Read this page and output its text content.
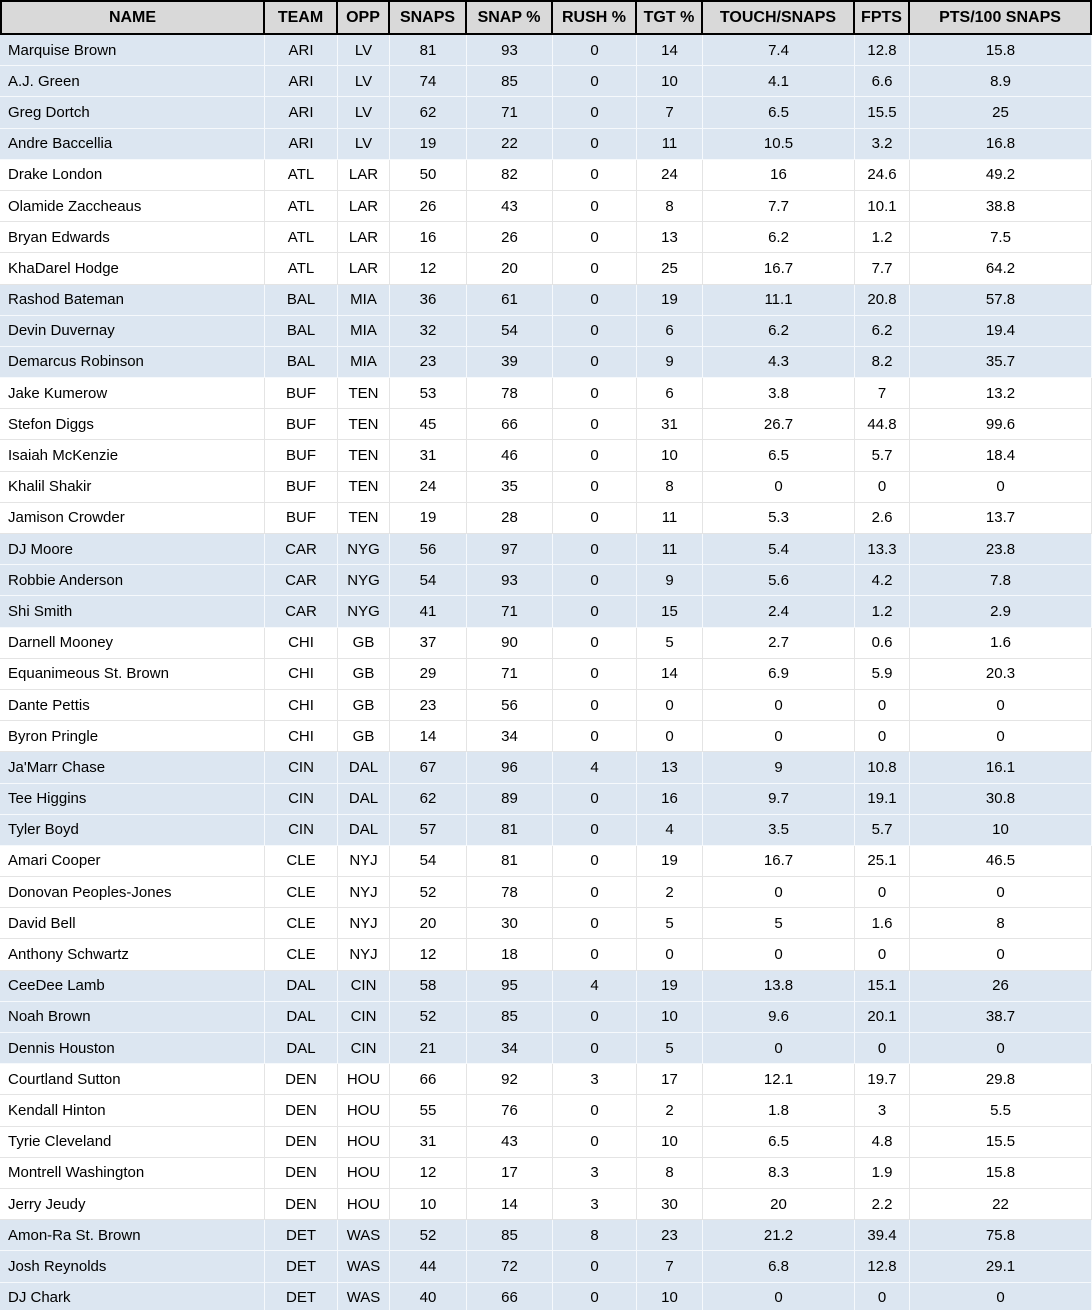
NAME	TEAM	OPP	SNAPS	SNAP %	RUSH %	TGT %	TOUCH/SNAPS	FPTS	PTS/100 SNAPS
Marquise Brown	ARI	LV	81	93	0	14	7.4	12.8	15.8
A.J. Green	ARI	LV	74	85	0	10	4.1	6.6	8.9
Greg Dortch	ARI	LV	62	71	0	7	6.5	15.5	25
Andre Baccellia	ARI	LV	19	22	0	11	10.5	3.2	16.8
Drake London	ATL	LAR	50	82	0	24	16	24.6	49.2
Olamide Zaccheaus	ATL	LAR	26	43	0	8	7.7	10.1	38.8
Bryan Edwards	ATL	LAR	16	26	0	13	6.2	1.2	7.5
KhaDarel Hodge	ATL	LAR	12	20	0	25	16.7	7.7	64.2
Rashod Bateman	BAL	MIA	36	61	0	19	11.1	20.8	57.8
Devin Duvernay	BAL	MIA	32	54	0	6	6.2	6.2	19.4
Demarcus Robinson	BAL	MIA	23	39	0	9	4.3	8.2	35.7
Jake Kumerow	BUF	TEN	53	78	0	6	3.8	7	13.2
Stefon Diggs	BUF	TEN	45	66	0	31	26.7	44.8	99.6
Isaiah McKenzie	BUF	TEN	31	46	0	10	6.5	5.7	18.4
Khalil Shakir	BUF	TEN	24	35	0	8	0	0	0
Jamison Crowder	BUF	TEN	19	28	0	11	5.3	2.6	13.7
DJ Moore	CAR	NYG	56	97	0	11	5.4	13.3	23.8
Robbie Anderson	CAR	NYG	54	93	0	9	5.6	4.2	7.8
Shi Smith	CAR	NYG	41	71	0	15	2.4	1.2	2.9
Darnell Mooney	CHI	GB	37	90	0	5	2.7	0.6	1.6
Equanimeous St. Brown	CHI	GB	29	71	0	14	6.9	5.9	20.3
Dante Pettis	CHI	GB	23	56	0	0	0	0	0
Byron Pringle	CHI	GB	14	34	0	0	0	0	0
Ja'Marr Chase	CIN	DAL	67	96	4	13	9	10.8	16.1
Tee Higgins	CIN	DAL	62	89	0	16	9.7	19.1	30.8
Tyler Boyd	CIN	DAL	57	81	0	4	3.5	5.7	10
Amari Cooper	CLE	NYJ	54	81	0	19	16.7	25.1	46.5
Donovan Peoples-Jones	CLE	NYJ	52	78	0	2	0	0	0
David Bell	CLE	NYJ	20	30	0	5	5	1.6	8
Anthony Schwartz	CLE	NYJ	12	18	0	0	0	0	0
CeeDee Lamb	DAL	CIN	58	95	4	19	13.8	15.1	26
Noah Brown	DAL	CIN	52	85	0	10	9.6	20.1	38.7
Dennis Houston	DAL	CIN	21	34	0	5	0	0	0
Courtland Sutton	DEN	HOU	66	92	3	17	12.1	19.7	29.8
Kendall Hinton	DEN	HOU	55	76	0	2	1.8	3	5.5
Tyrie Cleveland	DEN	HOU	31	43	0	10	6.5	4.8	15.5
Montrell Washington	DEN	HOU	12	17	3	8	8.3	1.9	15.8
Jerry Jeudy	DEN	HOU	10	14	3	30	20	2.2	22
Amon-Ra St. Brown	DET	WAS	52	85	8	23	21.2	39.4	75.8
Josh Reynolds	DET	WAS	44	72	0	7	6.8	12.8	29.1
DJ Chark	DET	WAS	40	66	0	10	0	0	0
